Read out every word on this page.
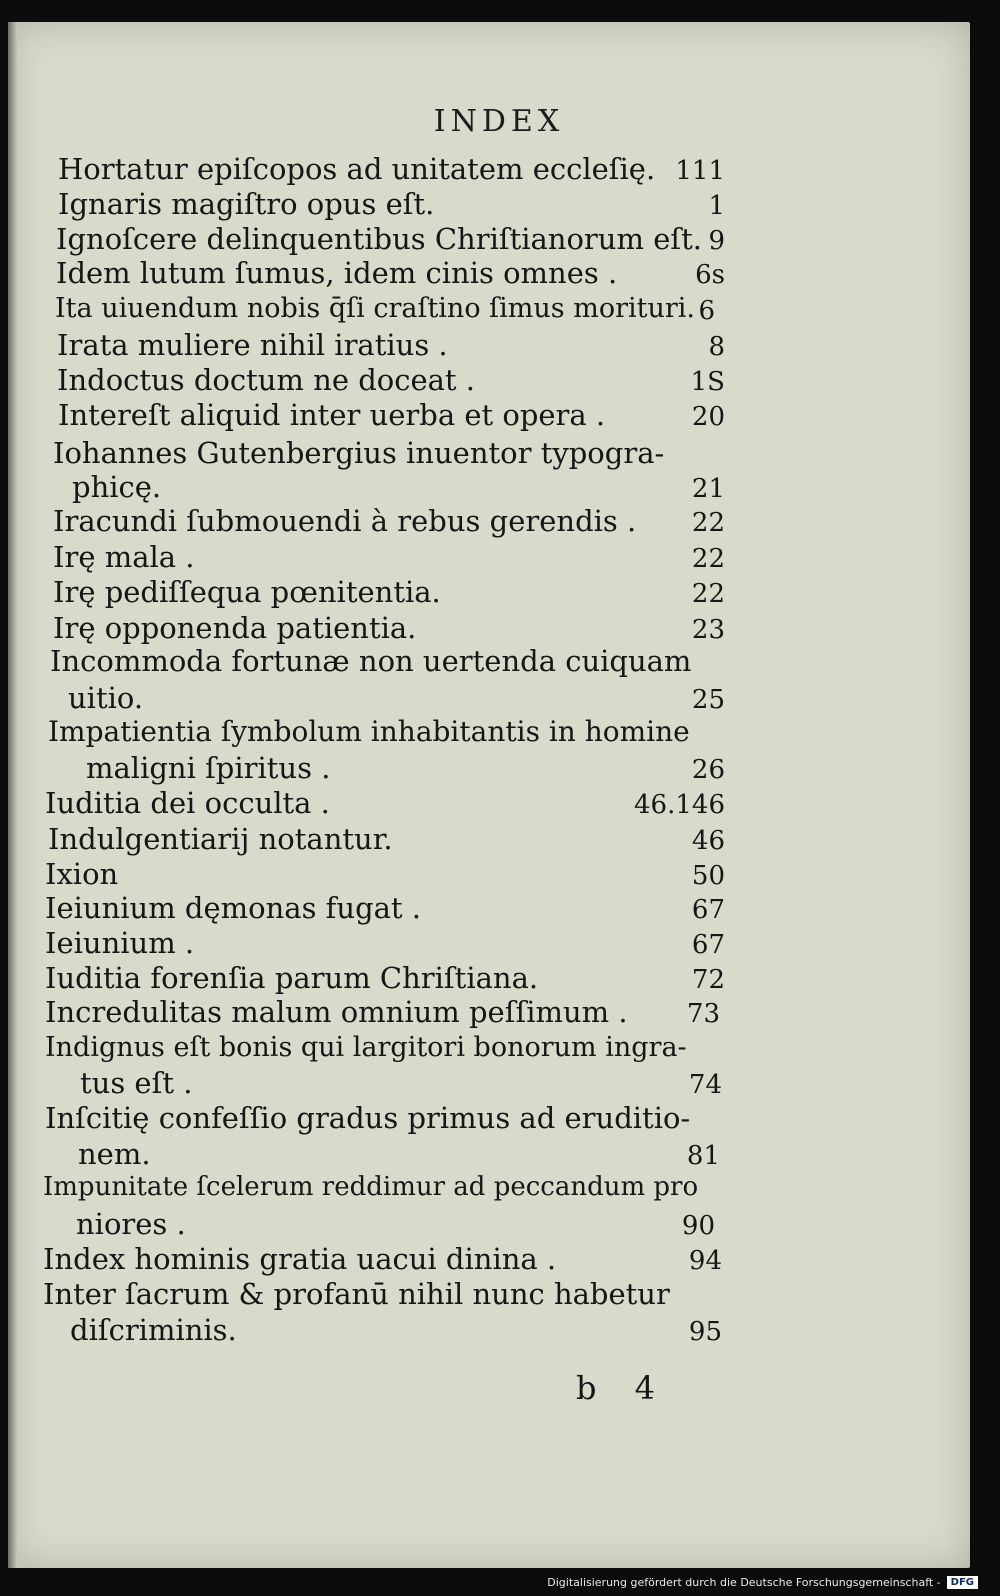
INDEX
Hortatur epiſcopos ad unitatem eccleſię. 111
Ignaris magiſtro opus eſt.	1
Ignoſcere delinquentibus Chriſtianorum eſt. 9
Idem lutum ſumus, idem cinis omnes .	6s
Ita uiuendum nobis q̄ſi craſtino ſimus morituri. 6
Irata muliere nihil iratius .	8
Indoctus doctum ne doceat .	1S
Intereſt aliquid inter uerba et opera .	20
Iohannes Gutenbergius inuentor typogra-
phicę.	21
Iracundi ſubmouendi à rebus gerendis . 22
Irę mala .	22
Irę pediſſequa pœnitentia.	22
Irę opponenda patientia.	23
Incommoda fortunæ non uertenda cuiquam
uitio.	25
Impatientia ſymbolum inhabitantis in homine
maligni ſpiritus .	26
Iuditia dei occulta .	46.146
Indulgentiarij notantur.	46
Ixion	50
Ieiunium dęmonas fugat .	67
Ieiunium .	67
Iuditia forenſia parum Chriſtiana.	72
Incredulitas malum omnium peſſimum . 73
Indignus eſt bonis qui largitori bonorum ingra-
tus eſt .	74
Inſcitię confeſſio gradus primus ad eruditio-
nem.	81
Impunitate ſcelerum reddimur ad peccandum pro
niores .	90
Index hominis gratia uacui dinina .	94
Inter ſacrum & profanū nihil nunc habetur
diſcriminis.	95
b 4
Digitalisierung gefördert durch die Deutsche Forschungsgemeinschaft -	DFG
